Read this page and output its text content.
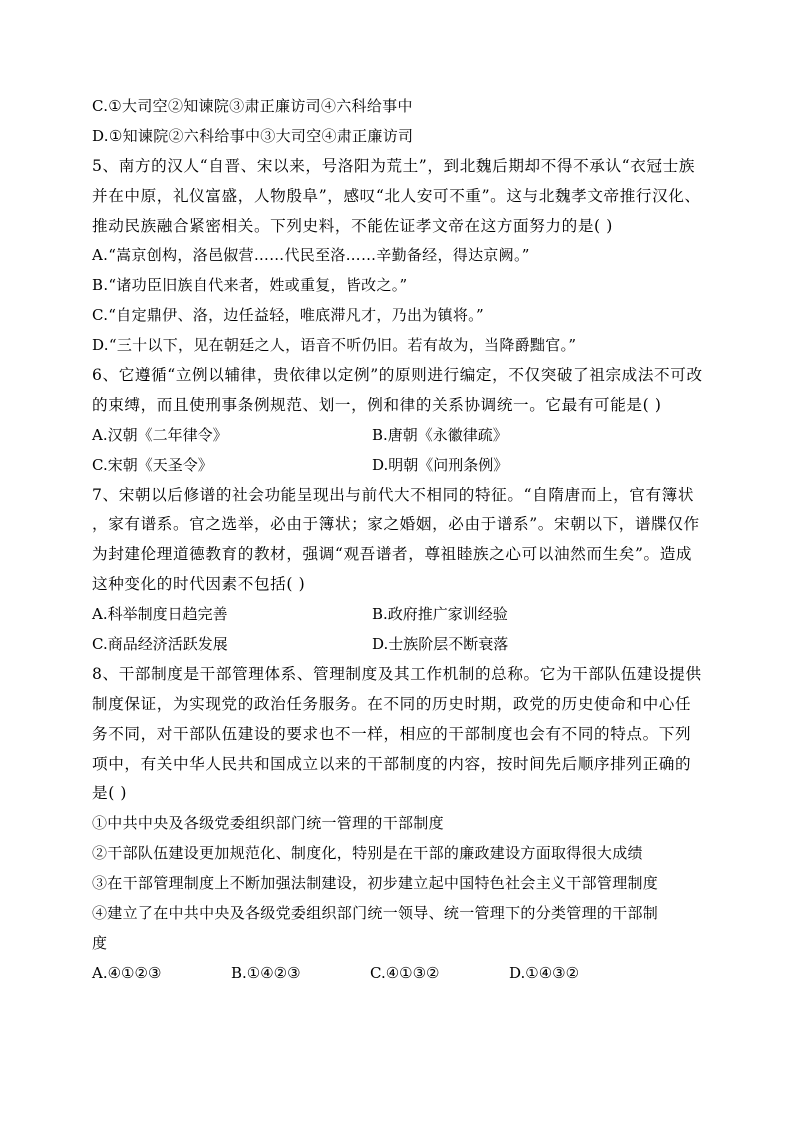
C.①大司空②知谏院③肃正廉访司④六科给事中
D.①知谏院②六科给事中③大司空④肃正廉访司
5、南方的汉人“自晋、宋以来，号洛阳为荒土”，到北魏后期却不得不承认“衣冠士族
并在中原，礼仪富盛，人物殷阜”，感叹“北人安可不重”。这与北魏孝文帝推行汉化、
推动民族融合紧密相关。下列史料，不能佐证孝文帝在这方面努力的是( )
A.“嵩京创构，洛邑俶营……代民至洛……辛勤备经，得达京阙。”
B.“诸功臣旧族自代来者，姓或重复，皆改之。”
C.“自定鼎伊、洛，边任益轻，唯底滞凡才，乃出为镇将。”
D.“三十以下，见在朝廷之人，语音不听仍旧。若有故为，当降爵黜官。”
6、它遵循“立例以辅律，贵依律以定例”的原则进行编定，不仅突破了祖宗成法不可改
的束缚，而且使刑事条例规范、划一，例和律的关系协调统一。它最有可能是( )
A.汉朝《二年律令》	B.唐朝《永徽律疏》
C.宋朝《天圣令》	D.明朝《问刑条例》
7、宋朝以后修谱的社会功能呈现出与前代大不相同的特征。“自隋唐而上，官有簿状
，家有谱系。官之选举，必由于簿状；家之婚姻，必由于谱系”。宋朝以下，谱牒仅作
为封建伦理道德教育的教材，强调“观吾谱者，尊祖睦族之心可以油然而生矣”。造成
这种变化的时代因素不包括( )
A.科举制度日趋完善	B.政府推广家训经验
C.商品经济活跃发展	D.士族阶层不断衰落
8、干部制度是干部管理体系、管理制度及其工作机制的总称。它为干部队伍建设提供
制度保证，为实现党的政治任务服务。在不同的历史时期，政党的历史使命和中心任
务不同，对干部队伍建设的要求也不一样，相应的干部制度也会有不同的特点。下列
项中，有关中华人民共和国成立以来的干部制度的内容，按时间先后顺序排列正确的
是( )
①中共中央及各级党委组织部门统一管理的干部制度
②干部队伍建设更加规范化、制度化，特别是在干部的廉政建设方面取得很大成绩
③在干部管理制度上不断加强法制建设，初步建立起中国特色社会主义干部管理制度
④建立了在中共中央及各级党委组织部门统一领导、统一管理下的分类管理的干部制
度
A.④①②③	B.①④②③	C.④①③②	D.①④③②
